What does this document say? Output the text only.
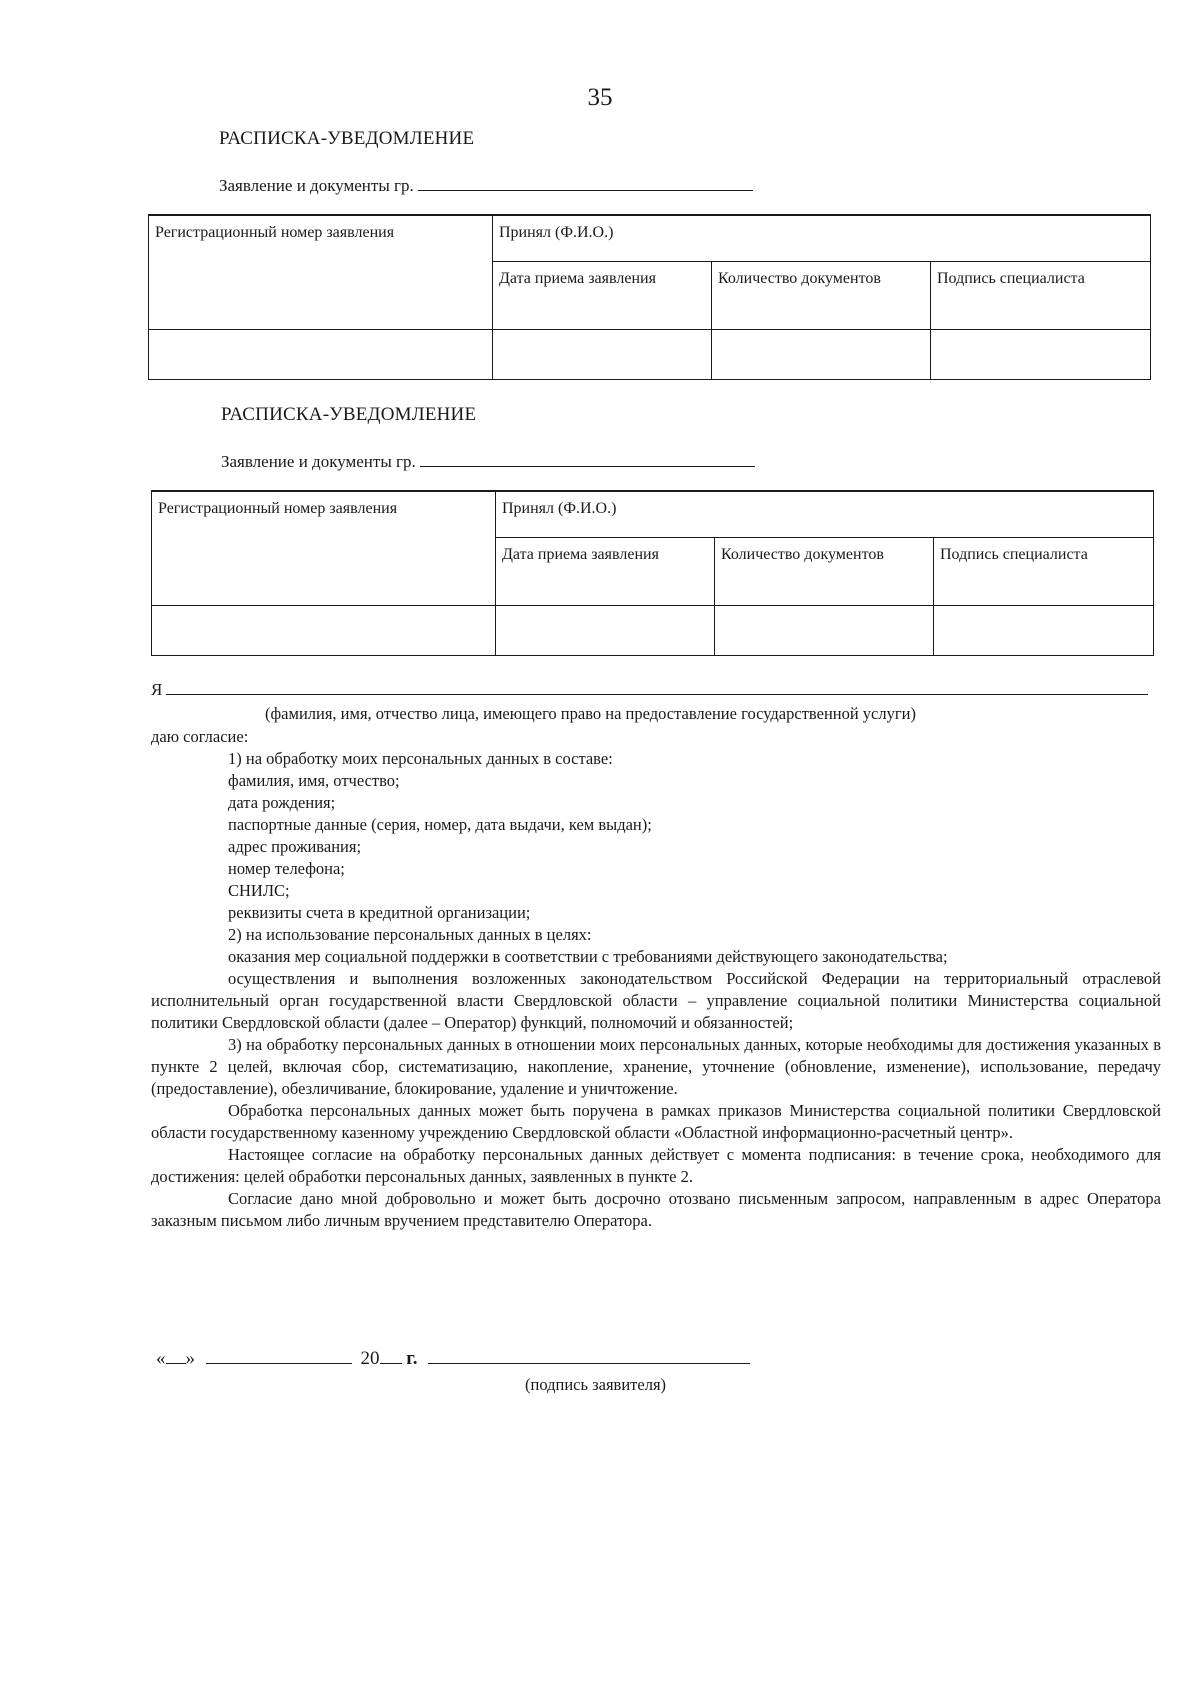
35
РАСПИСКА-УВЕДОМЛЕНИЕ
Заявление и документы гр.
Регистрационный номер заявления	Принял (Ф.И.О.)		
	Дата приема заявления	Количество документов	Подпись специалиста

РАСПИСКА-УВЕДОМЛЕНИЕ
Заявление и документы гр.
Регистрационный номер заявления	Принял (Ф.И.О.)		
	Дата приема заявления	Количество документов	Подпись специалиста

Я
(фамилия, имя, отчество лица, имеющего право на предоставление государственной услуги)

даю согласие:

1) на обработку моих персональных данных в составе:

фамилия, имя, отчество;

дата рождения;

паспортные данные (серия, номер, дата выдачи, кем выдан);

адрес проживания;

номер телефона;

СНИЛС;

реквизиты счета в кредитной организации;

2) на использование персональных данных в целях:

оказания мер социальной поддержки в соответствии с требованиями действующего законодательства;

осуществления и выполнения возложенных законодательством Российской Федерации на территориальный отраслевой исполнительный орган государственной власти Свердловской области – управление социальной политики Министерства социальной политики Свердловской области (далее – Оператор) функций, полномочий и обязанностей;

3) на обработку персональных данных в отношении моих персональных данных, которые необходимы для достижения указанных в пункте 2 целей, включая сбор, систематизацию, накопление, хранение, уточнение (обновление, изменение), использование, передачу (предоставление), обезличивание, блокирование, удаление и уничтожение.

Обработка персональных данных может быть поручена в рамках приказов Министерства социальной политики Свердловской области государственному казенному учреждению Свердловской области «Областной информационно-расчетный центр».

Настоящее согласие на обработку персональных данных действует с момента подписания: в течение срока, необходимого для достижения: целей обработки персональных данных, заявленных в пункте 2.

Согласие дано мной добровольно и может быть досрочно отозвано письменным запросом, направленным в адрес Оператора заказным письмом либо личным вручением представителю Оператора.

« »	20 г.
(подпись заявителя)
